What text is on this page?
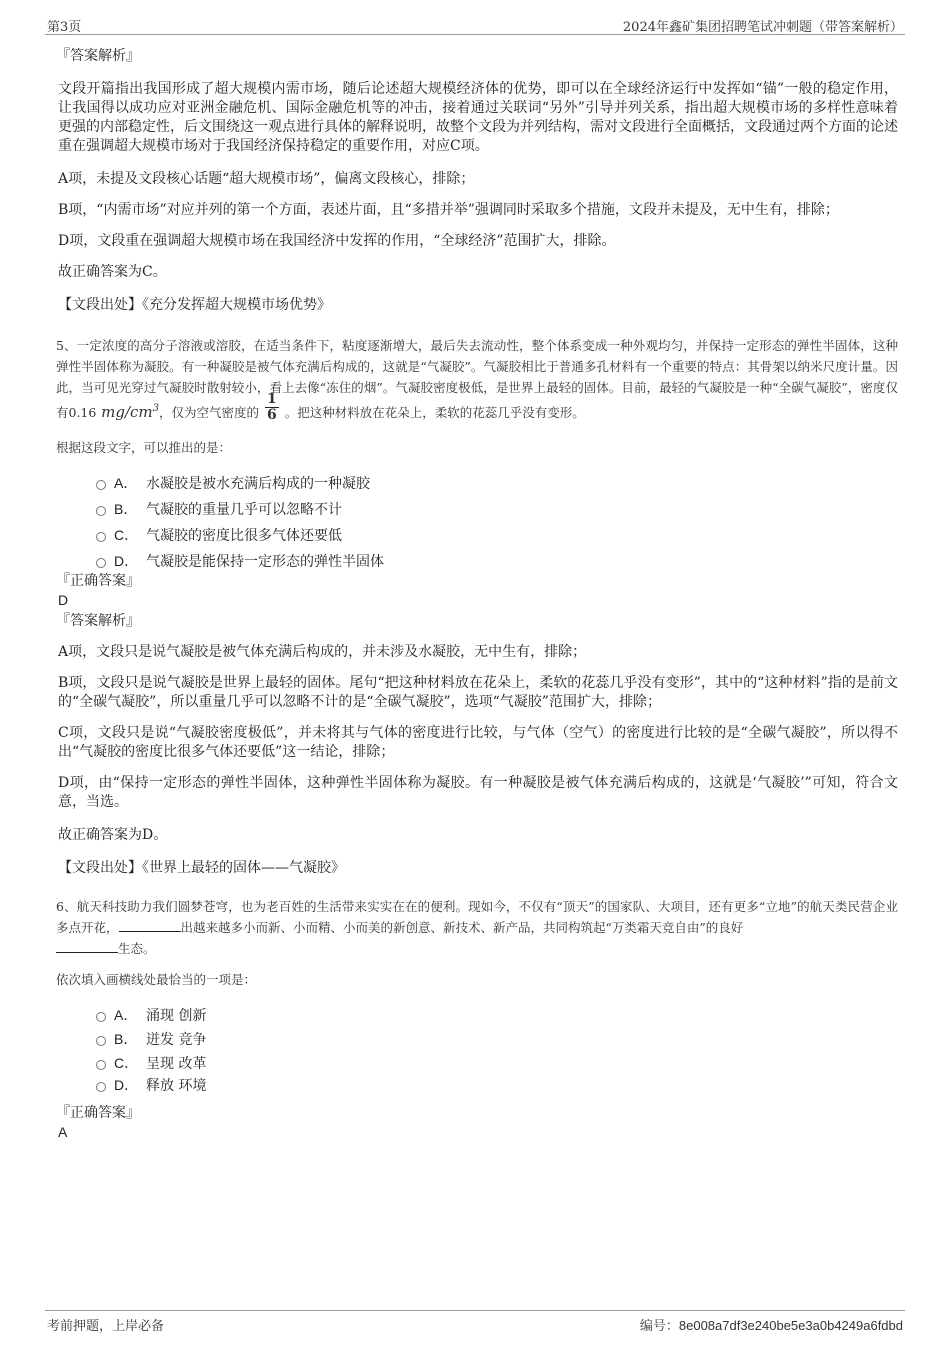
第3页	2024年鑫矿集团招聘笔试冲刺题（带答案解析）

『答案解析』

文段开篇指出我国形成了超大规模内需市场，随后论述超大规模经济体的优势，即可以在全球经济运行中发挥如“锚”一般的稳定作用，让我国得以成功应对亚洲金融危机、国际金融危机等的冲击，接着通过关联词“另外”引导并列关系，指出超大规模市场的多样性意味着更强的内部稳定性，后文围绕这一观点进行具体的解释说明，故整个文段为并列结构，需对文段进行全面概括，文段通过两个方面的论述重在强调超大规模市场对于我国经济保持稳定的重要作用，对应C项。

A项，未提及文段核心话题“超大规模市场”，偏离文段核心，排除；

B项，“内需市场”对应并列的第一个方面，表述片面，且“多措并举”强调同时采取多个措施，文段并未提及，无中生有，排除；

D项，文段重在强调超大规模市场在我国经济中发挥的作用，“全球经济”范围扩大，排除。

故正确答案为C。

【文段出处】《充分发挥超大规模市场优势》

5、一定浓度的高分子溶液或溶胶，在适当条件下，粘度逐渐增大，最后失去流动性，整个体系变成一种外观均匀，并保持一定形态的弹性半固体，这种弹性半固体称为凝胶。有一种凝胶是被气体充满后构成的，这就是“气凝胶”。气凝胶相比于普通多孔材料有一个重要的特点：其骨架以纳米尺度计量。因此，当可见光穿过气凝胶时散射较小，看上去像“冻住的烟”。气凝胶密度极低，是世界上最轻的固体。目前，最轻的气凝胶是一种“全碳气凝胶”，密度仅有0.16 $mg/cm^3$，仅为空气密度的 $\frac{1}{6}$ 。把这种材料放在花朵上，柔软的花蕊几乎没有变形。

根据这段文字，可以推出的是：

A． 水凝胶是被水充满后构成的一种凝胶
B． 气凝胶的重量几乎可以忽略不计
C． 气凝胶的密度比很多气体还要低
D． 气凝胶是能保持一定形态的弹性半固体

『正确答案』

D

『答案解析』

A项，文段只是说气凝胶是被气体充满后构成的，并未涉及水凝胶，无中生有，排除；

B项，文段只是说气凝胶是世界上最轻的固体。尾句“把这种材料放在花朵上，柔软的花蕊几乎没有变形”，其中的“这种材料”指的是前文的“全碳气凝胶”，所以重量几乎可以忽略不计的是“全碳气凝胶”，选项“气凝胶”范围扩大，排除；

C项，文段只是说“气凝胶密度极低”，并未将其与气体的密度进行比较，与气体（空气）的密度进行比较的是“全碳气凝胶”，所以得不出“气凝胶的密度比很多气体还要低”这一结论，排除；

D项，由“保持一定形态的弹性半固体，这种弹性半固体称为凝胶。有一种凝胶是被气体充满后构成的，这就是‘气凝胶’”可知，符合文意，当选。

故正确答案为D。

【文段出处】《世界上最轻的固体——气凝胶》

6、航天科技助力我们圆梦苍穹，也为老百姓的生活带来实实在在的便利。现如今，不仅有“顶天”的国家队、大项目，还有更多“立地”的航天类民营企业多点开花，	出越来越多小而新、小而精、小而美的新创意、新技术、新产品，共同构筑起“万类霜天竞自由”的良好
生态。

依次填入画横线处最恰当的一项是：

A． 涌现 创新
B． 迸发 竞争
C． 呈现 改革
D． 释放 环境

『正确答案』

A

考前押题，上岸必备	编号：8e008a7df3e240be5e3a0b4249a6fdbd
